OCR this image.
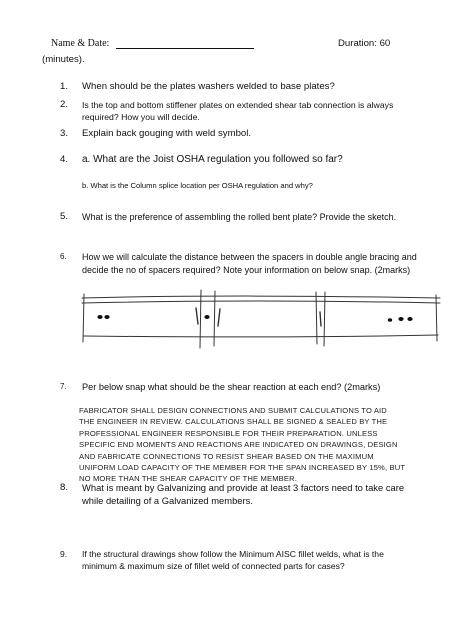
Name & Date:	Duration: 60
(minutes).
1. When should be the plates washers welded to base plates?
2. Is the top and bottom stiffener plates on extended shear tab connection is always
required? How you will decide.
3. Explain back gouging with weld symbol.
4. a. What are the Joist OSHA regulation you followed so far?
b. What is the Column splice location per OSHA regulation and why?
5. What is the preference of assembling the rolled bent plate? Provide the sketch.
6. How we will calculate the distance between the spacers in double angle bracing and
decide the no of spacers required? Note your information on below snap. (2marks)
7. Per below snap what should be the shear reaction at each end? (2marks)
FABRICATOR SHALL DESIGN CONNECTIONS AND SUBMIT CALCULATIONS TO AID
THE ENGINEER IN REVIEW. CALCULATIONS SHALL BE SIGNED & SEALED BY THE
PROFESSIONAL ENGINEER RESPONSIBLE FOR THEIR PREPARATION. UNLESS
SPECIFIC END MOMENTS AND REACTIONS ARE INDICATED ON DRAWINGS, DESIGN
AND FABRICATE CONNECTIONS TO RESIST SHEAR BASED ON THE MAXIMUM
UNIFORM LOAD CAPACITY OF THE MEMBER FOR THE SPAN INCREASED BY 15%, BUT
NO MORE THAN THE SHEAR CAPACITY OF THE MEMBER.
8. What is meant by Galvanizing and provide at least 3 factors need to take care
while detailing of a Galvanized members.
9. If the structural drawings show follow the Minimum AISC fillet welds, what is the
minimum & maximum size of fillet weld of connected parts for cases?
